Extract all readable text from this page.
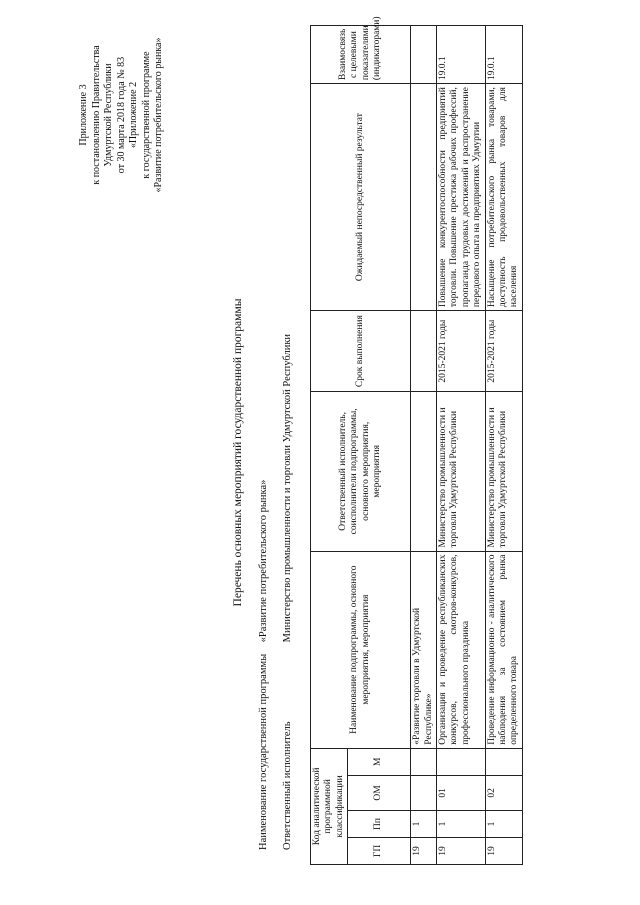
Приложение 3 к постановлению Правительства Удмуртской Республики от 30 марта 2018 года № 83 «Приложение 2 к государственной программе «Развитие потребительского рынка»

Перечень основных мероприятий государственной программы
Наименование государственной программы «Развитие потребительского рынка»
Ответственный исполнитель Министерство промышленности и торговли Удмуртской Республики
Код аналитической программной классификации				Наименование подпрограммы, основного мероприятия, мероприятия	Ответственный исполнитель, соисполнители подпрограммы, основного мероприятия, мероприятия	Срок выполнения	Ожидаемый непосредственный результат	Взаимосвязь с целевыми показателями (индикаторами)
ГП	Пп	ОМ	М					
19	1			«Развитие торговли в Удмуртской Республике»				
19	1	01		Организация и проведение республиканских конкурсов, смотров-конкурсов, профессионального праздника	Министерство промышленности и торговли Удмуртской Республики	2015-2021 годы	Повышение конкурентоспособности предприятий торговли. Повышение престижа рабочих профессий, пропаганда трудовых достижений и распространение передового опыта на предприятиях Удмуртии	19.0.1
19	1	02		Проведение информационно - аналитического наблюдения за состоянием рынка определенного товара	Министерство промышленности и торговли Удмуртской Республики	2015-2021 годы	Насыщение потребительского рынка товарами, доступность продовольственных товаров для населения	19.0.1
